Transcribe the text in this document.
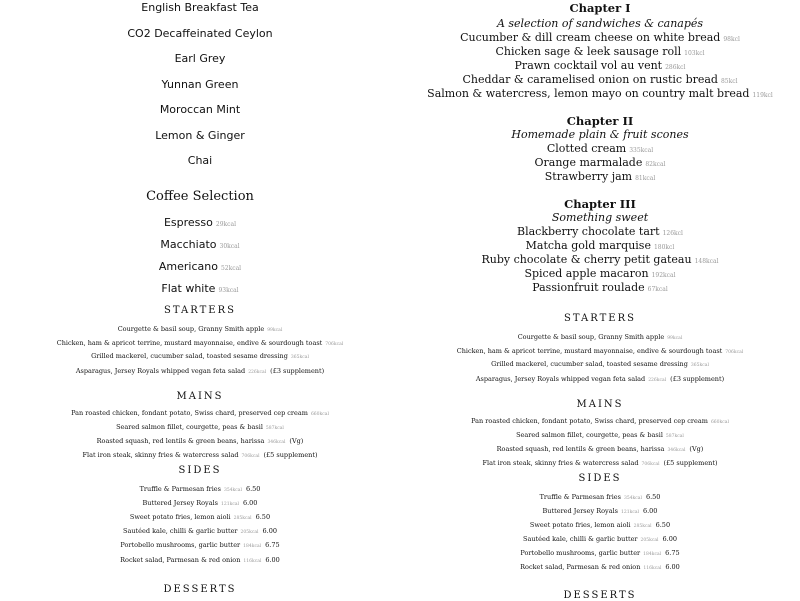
English Breakfast Tea
CO2 Decaffeinated Ceylon
Earl Grey
Yunnan Green
Moroccan Mint
Lemon & Ginger
Chai
Coffee Selection
Espresso 29kcal
Macchiato 30kcal
Americano 52kcal
Flat white 93kcal
STARTERS
Courgette & basil soup, Granny Smith apple 99kcal
Chicken, ham & apricot terrine, mustard mayonnaise, endive & sourdough toast 706kcal
Grilled mackerel, cucumber salad, toasted sesame dressing 365kcal
Asparagus, Jersey Royals whipped vegan feta salad 226kcal (£3 supplement)
MAINS
Pan roasted chicken, fondant potato, Swiss chard, preserved cep cream 660kcal
Seared salmon fillet, courgette, peas & basil 587kcal
Roasted squash, red lentils & green beans, harissa 346kcal (Vg)
Flat iron steak, skinny fries & watercress salad 706kcal (£5 supplement)
SIDES
Truffle & Parmesan fries 354kcal 6.50
Buttered Jersey Royals 121kcal 6.00
Sweet potato fries, lemon aioli 285kcal 6.50
Sautéed kale, chilli & garlic butter 205kcal 6.00
Portobello mushrooms, garlic butter 184kcal 6.75
Rocket salad, Parmesan & red onion 116kcal 6.00
DESSERTS
Chapter I
A selection of sandwiches & canapés
Cucumber & dill cream cheese on white bread 98kcl
Chicken sage & leek sausage roll 103kcl
Prawn cocktail vol au vent 286kcl
Cheddar & caramelised onion on rustic bread 85kcl
Salmon & watercress, lemon mayo on country malt bread 119kcl
Chapter II
Homemade plain & fruit scones
Clotted cream 335kcal
Orange marmalade 82kcal
Strawberry jam 81kcal
Chapter III
Something sweet
Blackberry chocolate tart 126kcl
Matcha gold marquise 180kcl
Ruby chocolate & cherry petit gateau 148kcal
Spiced apple macaron 192kcal
Passionfruit roulade 67kcal
STARTERS
Courgette & basil soup, Granny Smith apple 99kcal
Chicken, ham & apricot terrine, mustard mayonnaise, endive & sourdough toast 706kcal
Grilled mackerel, cucumber salad, toasted sesame dressing 365kcal
Asparagus, Jersey Royals whipped vegan feta salad 226kcal (£3 supplement)
MAINS
Pan roasted chicken, fondant potato, Swiss chard, preserved cep cream 660kcal
Seared salmon fillet, courgette, peas & basil 587kcal
Roasted squash, red lentils & green beans, harissa 346kcal (Vg)
Flat iron steak, skinny fries & watercress salad 706kcal (£5 supplement)
SIDES
Truffle & Parmesan fries 354kcal 6.50
Buttered Jersey Royals 121kcal 6.00
Sweet potato fries, lemon aioli 285kcal 6.50
Sautéed kale, chilli & garlic butter 205kcal 6.00
Portobello mushrooms, garlic butter 184kcal 6.75
Rocket salad, Parmesan & red onion 116kcal 6.00
DESSERTS
